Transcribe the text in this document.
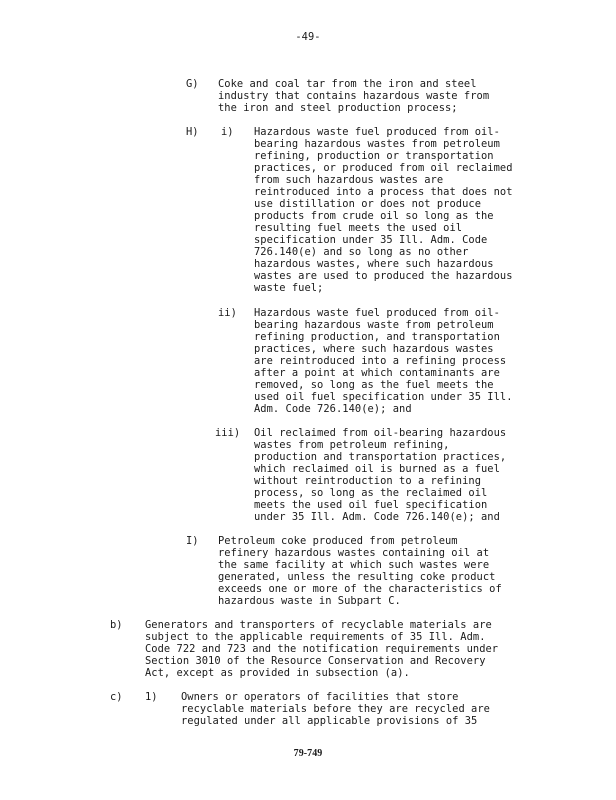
-49-
G) Coke and coal tar from the iron and steel
industry that contains hazardous waste from
the iron and steel production process;
H) i) Hazardous waste fuel produced from oil-
bearing hazardous wastes from petroleum
refining, production or transportation
practices, or produced from oil reclaimed
from such hazardous wastes are
reintroduced into a process that does not
use distillation or does not produce
products from crude oil so long as the
resulting fuel meets the used oil
specification under 35 Ill. Adm. Code
726.140(e) and so long as no other
hazardous wastes, where such hazardous
wastes are used to produced the hazardous
waste fuel;
ii) Hazardous waste fuel produced from oil-
bearing hazardous waste from petroleum
refining production, and transportation
practices, where such hazardous wastes
are reintroduced into a refining process
after a point at which contaminants are
removed, so long as the fuel meets the
used oil fuel specification under 35 Ill.
Adm. Code 726.140(e); and
iii) Oil reclaimed from oil-bearing hazardous
wastes from petroleum refining,
production and transportation practices,
which reclaimed oil is burned as a fuel
without reintroduction to a refining
process, so long as the reclaimed oil
meets the used oil fuel specification
under 35 Ill. Adm. Code 726.140(e); and
I) Petroleum coke produced from petroleum
refinery hazardous wastes containing oil at
the same facility at which such wastes were
generated, unless the resulting coke product
exceeds one or more of the characteristics of
hazardous waste in Subpart C.
b) Generators and transporters of recyclable materials are
subject to the applicable requirements of 35 Ill. Adm.
Code 722 and 723 and the notification requirements under
Section 3010 of the Resource Conservation and Recovery
Act, except as provided in subsection (a).
c) 1) Owners or operators of facilities that store
recyclable materials before they are recycled are
regulated under all applicable provisions of 35
79-749
